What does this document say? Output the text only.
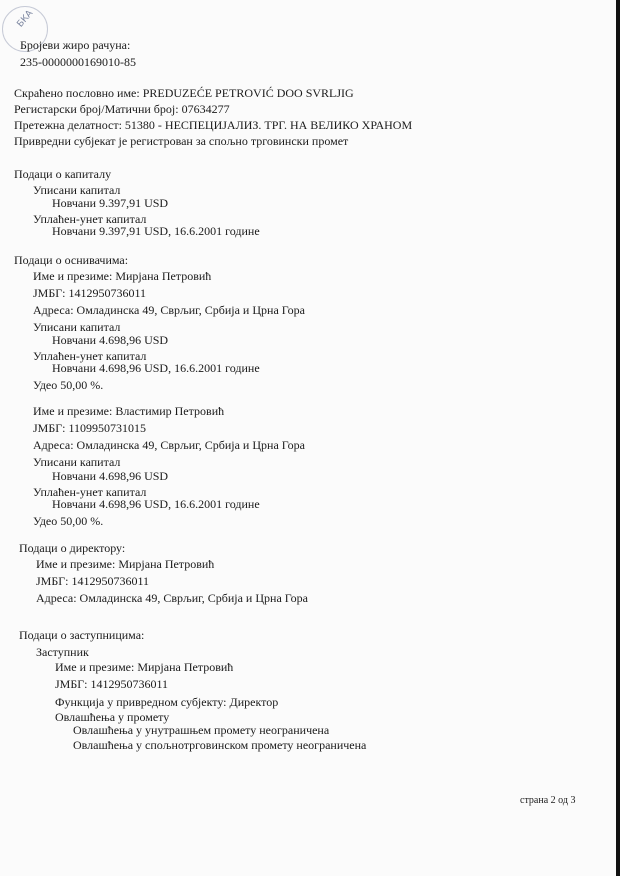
БКА
Бројеви жиро рачуна:
235-0000000169010-85
Скраћено пословно име: PREDUZEĆE PETROVIĆ DOO SVRLJIG
Регистарски број/Матични број: 07634277
Претежна делатност: 51380 - НЕСПЕЦИЈАЛИЗ. ТРГ. НА ВЕЛИКО ХРАНОМ
Привредни субјекат је регистрован за спољно трговински промет
Подаци о капиталу
Уписани капитал
Новчани 9.397,91 USD
Уплаћен-унет капитал
Новчани 9.397,91 USD, 16.6.2001 године
Подаци о оснивачима:
Име и презиме: Мирјана Петровић
ЈМБГ: 1412950736011
Адреса: Омладинска 49, Сврљиг, Србија и Црна Гора
Уписани капитал
Новчани 4.698,96 USD
Уплаћен-унет капитал
Новчани 4.698,96 USD, 16.6.2001 године
Удео 50,00 %.
Име и презиме: Властимир Петровић
ЈМБГ: 1109950731015
Адреса: Омладинска 49, Сврљиг, Србија и Црна Гора
Уписани капитал
Новчани 4.698,96 USD
Уплаћен-унет капитал
Новчани 4.698,96 USD, 16.6.2001 године
Удео 50,00 %.
Подаци о директору:
Име и презиме: Мирјана Петровић
ЈМБГ: 1412950736011
Адреса: Омладинска 49, Сврљиг, Србија и Црна Гора
Подаци о заступницима:
Заступник
Име и презиме: Мирјана Петровић
ЈМБГ: 1412950736011
Функција у привредном субјекту: Директор
Овлашћења у промету
Овлашћења у унутрашњем промету неограничена
Овлашћења у спољнотрговинском промету неограничена
страна 2 од 3
